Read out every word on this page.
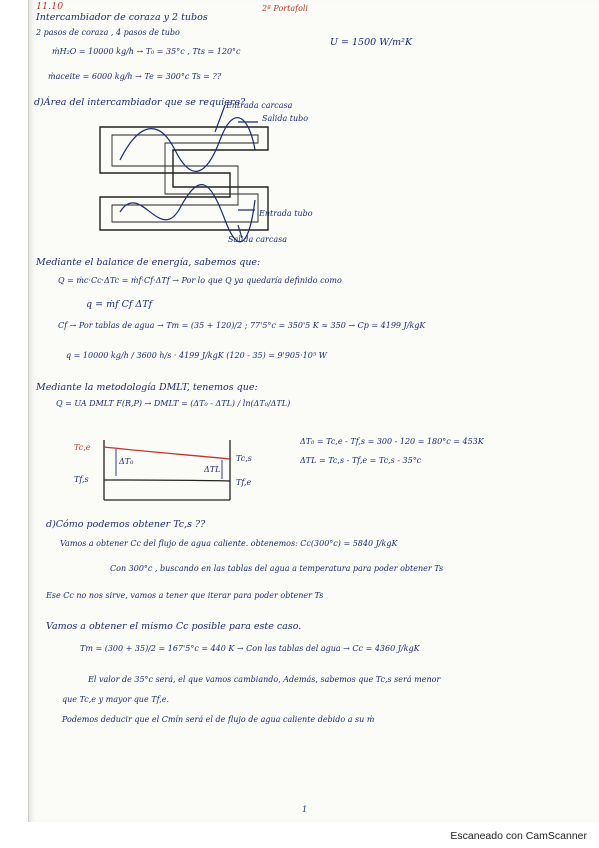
11.10	2ª Portafoli
Intercambiador de coraza y 2 tubos
2 pasos de coraza , 4 pasos de tubo
ṁH₂O = 10000 kg/h → T₀ = 35°c , Tts = 120°c
U = 1500 W/m²K
ṁaceite = 6000 kg/h → Te = 300°c Ts = ??
d)Área del intercambiador que se requiere?
Entrada carcasa
Salida tubo
Entrada tubo
Salida carcasa
Mediante el balance de energía, sabemos que:
Q = ṁc·Cc·ΔTc = ṁf·Cf·ΔTf → Por lo que Q ya quedaría definido como
q = ṁf Cf ΔTf
Cf → Por tablas de agua → Tm = (35 + 120)/2 ; 77'5°c = 350'5 K ≈ 350 → Cp = 4199 J/kgK
q = 10000 kg/h / 3600 h/s · 4199 J/kgK (120 - 35) = 9'905·10⁵ W
Mediante la metodología DMLT, tenemos que:
Q = UA DMLT F(R,P) → DMLT = (ΔT₀ - ΔTL) / ln(ΔT₀/ΔTL)
Tc,e
Tf,s
Tc,s
Tf,e
ΔT₀
ΔTL
ΔT₀ = Tc,e - Tf,s = 300 - 120 = 180°c = 453K
ΔTL = Tc,s - Tf,e = Tc,s - 35°c
d)Cómo podemos obtener Tc,s ??
Vamos a obtener Cc del flujo de agua caliente. obtenemos: Cc(300°c) = 5840 J/kgK
Con 300°c , buscando en las tablas del agua a temperatura para poder obtener Ts
Ese Cc no nos sirve, vamos a tener que iterar para poder obtener Ts
Vamos a obtener el mismo Cc posible para este caso.
Tm = (300 + 35)/2 = 167'5°c = 440 K → Con las tablas del agua → Cc = 4360 J/kgK
El valor de 35°c será, el que vamos cambiando, Además, sabemos que Tc,s será menor
que Tc,e y mayor que Tf,e.
Podemos deducir que el Cmín será el de flujo de agua caliente debido a su ṁ
1
Escaneado con CamScanner
